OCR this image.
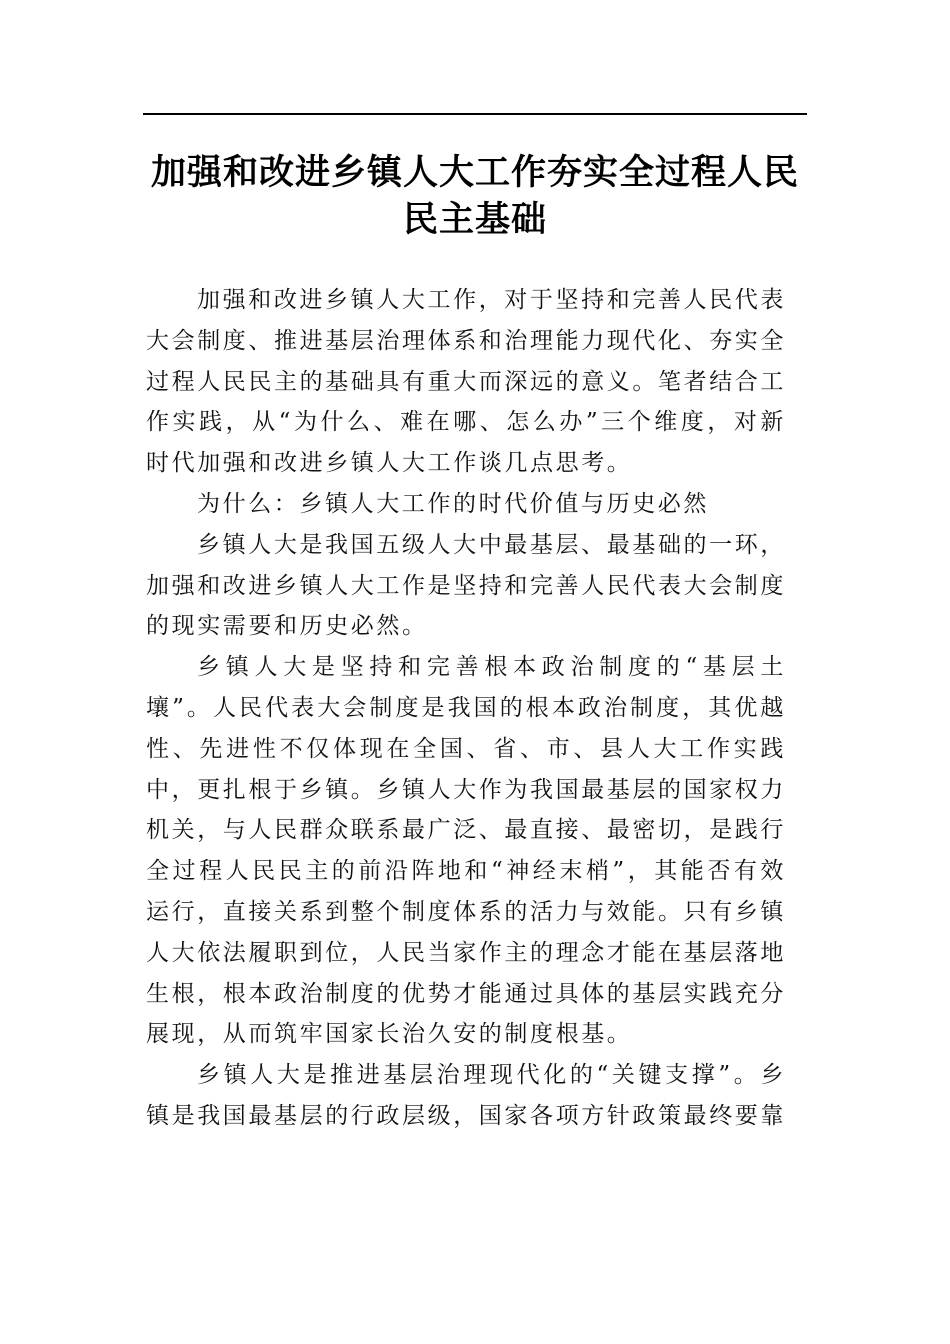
加强和改进乡镇人大工作夯实全过程人民民主基础

加强和改进乡镇人大工作，对于坚持和完善人民代表大会制度、推进基层治理体系和治理能力现代化、夯实全过程人民民主的基础具有重大而深远的意义。笔者结合工作实践，从“为什么、难在哪、怎么办”三个维度，对新时代加强和改进乡镇人大工作谈几点思考。

为什么：乡镇人大工作的时代价值与历史必然

乡镇人大是我国五级人大中最基层、最基础的一环，加强和改进乡镇人大工作是坚持和完善人民代表大会制度的现实需要和历史必然。

乡镇人大是坚持和完善根本政治制度的“基层土壤”。人民代表大会制度是我国的根本政治制度，其优越性、先进性不仅体现在全国、省、市、县人大工作实践中，更扎根于乡镇。乡镇人大作为我国最基层的国家权力机关，与人民群众联系最广泛、最直接、最密切，是践行全过程人民民主的前沿阵地和“神经末梢”，其能否有效运行，直接关系到整个制度体系的活力与效能。只有乡镇人大依法履职到位，人民当家作主的理念才能在基层落地生根，根本政治制度的优势才能通过具体的基层实践充分展现，从而筑牢国家长治久安的制度根基。

乡镇人大是推进基层治理现代化的“关键支撑”。乡镇是我国最基层的行政层级，国家各项方针政策最终要靠
